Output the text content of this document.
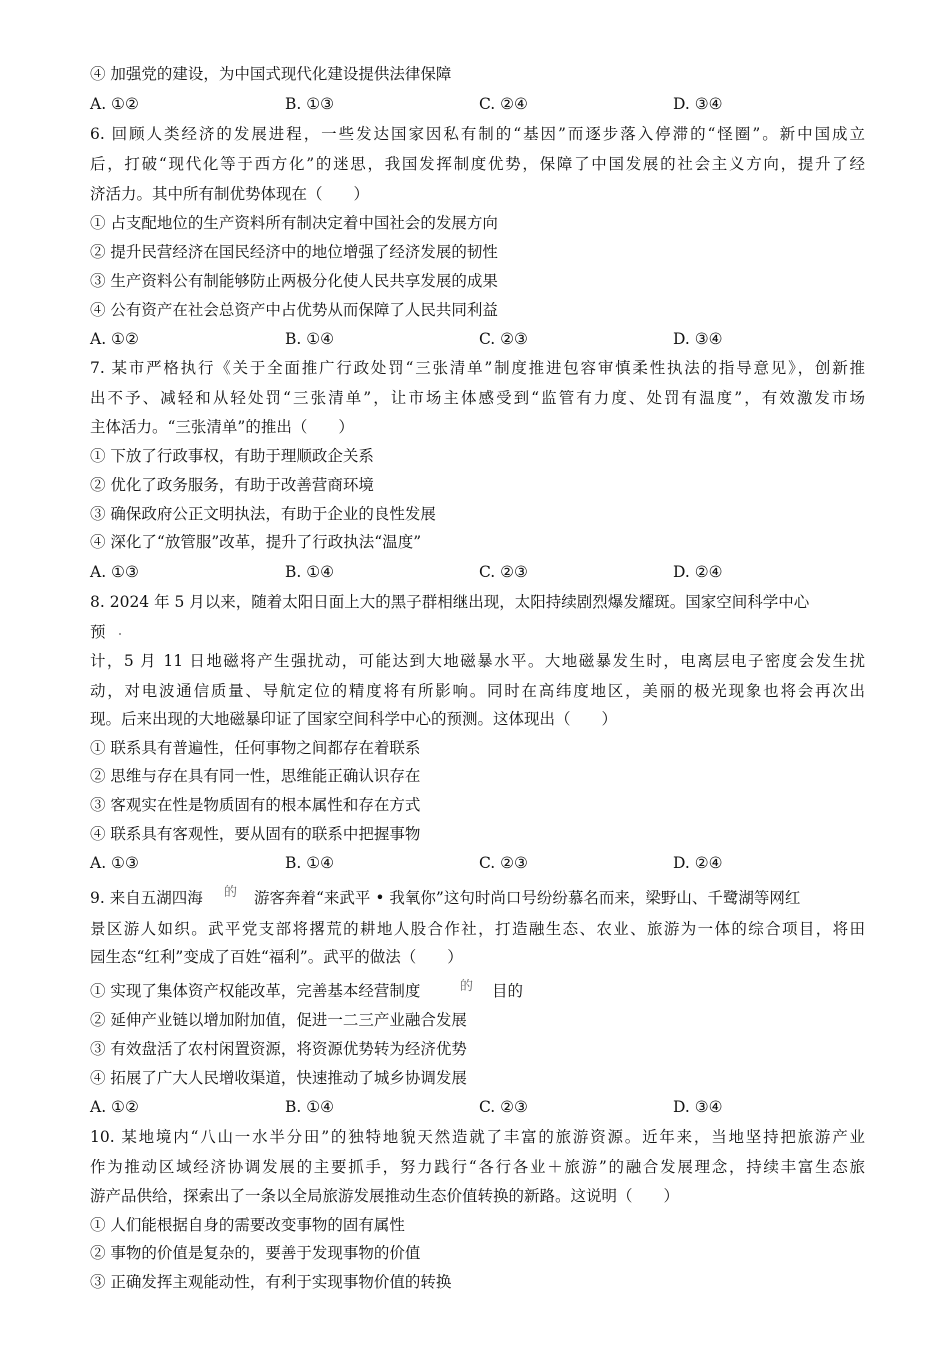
④ 加强党的建设，为中国式现代化建设提供法律保障
A. ①②	B. ①③	C. ②④	D. ③④
6. 回顾人类经济的发展进程，一些发达国家因私有制的“基因”而逐步落入停滞的“怪圈”。新中国成立
后，打破“现代化等于西方化”的迷思，我国发挥制度优势，保障了中国发展的社会主义方向，提升了经
济活力。其中所有制优势体现在（　　）
① 占支配地位的生产资料所有制决定着中国社会的发展方向
② 提升民营经济在国民经济中的地位增强了经济发展的韧性
③ 生产资料公有制能够防止两极分化使人民共享发展的成果
④ 公有资产在社会总资产中占优势从而保障了人民共同利益
A. ①②	B. ①④	C. ②③	D. ③④
7. 某市严格执行《关于全面推广行政处罚“三张清单”制度推进包容审慎柔性执法的指导意见》，创新推
出不予、减轻和从轻处罚“三张清单”，让市场主体感受到“监管有力度、处罚有温度”，有效激发市场
主体活力。“三张清单”的推出（　　）
① 下放了行政事权，有助于理顺政企关系
② 优化了政务服务，有助于改善营商环境
③ 确保政府公正文明执法，有助于企业的良性发展
④ 深化了“放管服”改革，提升了行政执法“温度”
A. ①③	B. ①④	C. ②③	D. ②④
8. 2024 年 5 月以来，随着太阳日面上大的黑子群相继出现，太阳持续剧烈爆发耀斑。国家空间科学中心
预
计，5 月 11 日地磁将产生强扰动，可能达到大地磁暴水平。大地磁暴发生时，电离层电子密度会发生扰
动，对电波通信质量、导航定位的精度将有所影响。同时在高纬度地区，美丽的极光现象也将会再次出
现。后来出现的大地磁暴印证了国家空间科学中心的预测。这体现出（　　）
① 联系具有普遍性，任何事物之间都存在着联系
② 思维与存在具有同一性，思维能正确认识存在
③ 客观实在性是物质固有的根本属性和存在方式
④ 联系具有客观性，要从固有的联系中把握事物
A. ①③	B. ①④	C. ②③	D. ②④
9. 来自五湖四海 的 游客奔着“来武平 • 我氧你”这句时尚口号纷纷慕名而来，梁野山、千鹭湖等网红
景区游人如织。武平党支部将撂荒的耕地人股合作社，打造融生态、农业、旅游为一体的综合项目，将田
园生态“红利”变成了百姓“福利”。武平的做法（　　）
① 实现了集体资产权能改革，完善基本经营制度	的 目的
② 延伸产业链以增加附加值，促进一二三产业融合发展
③ 有效盘活了农村闲置资源，将资源优势转为经济优势
④ 拓展了广大人民增收渠道，快速推动了城乡协调发展
A. ①②	B. ①④	C. ②③	D. ③④
10. 某地境内“八山一水半分田”的独特地貌天然造就了丰富的旅游资源。近年来，当地坚持把旅游产业
作为推动区域经济协调发展的主要抓手，努力践行“各行各业＋旅游”的融合发展理念，持续丰富生态旅
游产品供给，探索出了一条以全局旅游发展推动生态价值转换的新路。这说明（　　）
① 人们能根据自身的需要改变事物的固有属性
② 事物的价值是复杂的，要善于发现事物的价值
③ 正确发挥主观能动性，有利于实现事物价值的转换
